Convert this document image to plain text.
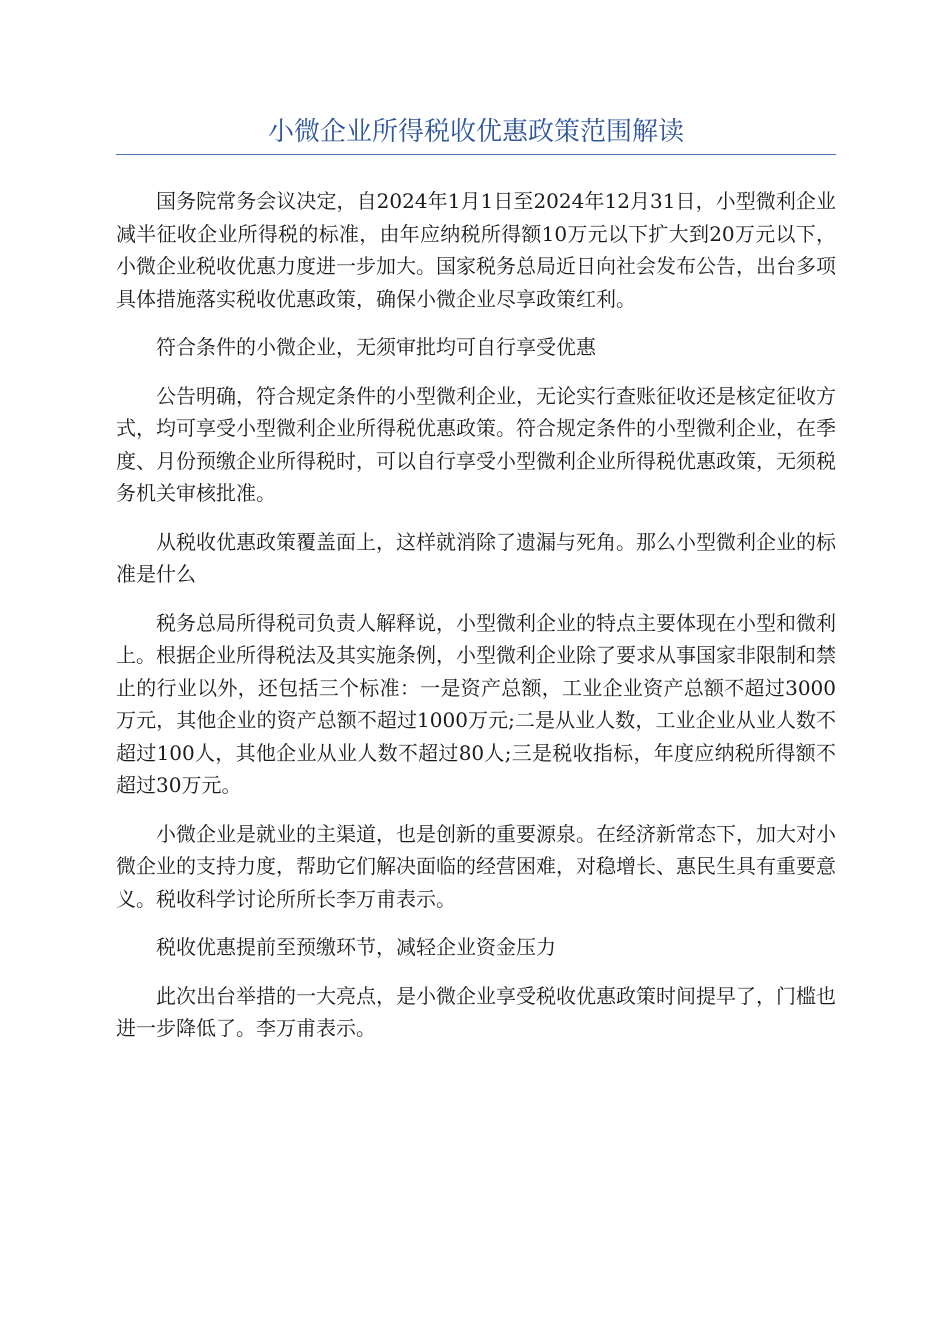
小微企业所得税收优惠政策范围解读

国务院常务会议决定，自2024年1月1日至2024年12月31日，小型微利企业减半征收企业所得税的标准，由年应纳税所得额10万元以下扩大到20万元以下，小微企业税收优惠力度进一步加大。国家税务总局近日向社会发布公告，出台多项具体措施落实税收优惠政策，确保小微企业尽享政策红利。

符合条件的小微企业，无须审批均可自行享受优惠

公告明确，符合规定条件的小型微利企业，无论实行查账征收还是核定征收方式，均可享受小型微利企业所得税优惠政策。符合规定条件的小型微利企业，在季度、月份预缴企业所得税时，可以自行享受小型微利企业所得税优惠政策，无须税务机关审核批准。

从税收优惠政策覆盖面上，这样就消除了遗漏与死角。那么小型微利企业的标准是什么

税务总局所得税司负责人解释说，小型微利企业的特点主要体现在小型和微利上。根据企业所得税法及其实施条例，小型微利企业除了要求从事国家非限制和禁止的行业以外，还包括三个标准：一是资产总额，工业企业资产总额不超过3000万元，其他企业的资产总额不超过1000万元;二是从业人数，工业企业从业人数不超过100人，其他企业从业人数不超过80人;三是税收指标，年度应纳税所得额不超过30万元。

小微企业是就业的主渠道，也是创新的重要源泉。在经济新常态下，加大对小微企业的支持力度，帮助它们解决面临的经营困难，对稳增长、惠民生具有重要意义。税收科学讨论所所长李万甫表示。

税收优惠提前至预缴环节，减轻企业资金压力

此次出台举措的一大亮点，是小微企业享受税收优惠政策时间提早了，门槛也进一步降低了。李万甫表示。
